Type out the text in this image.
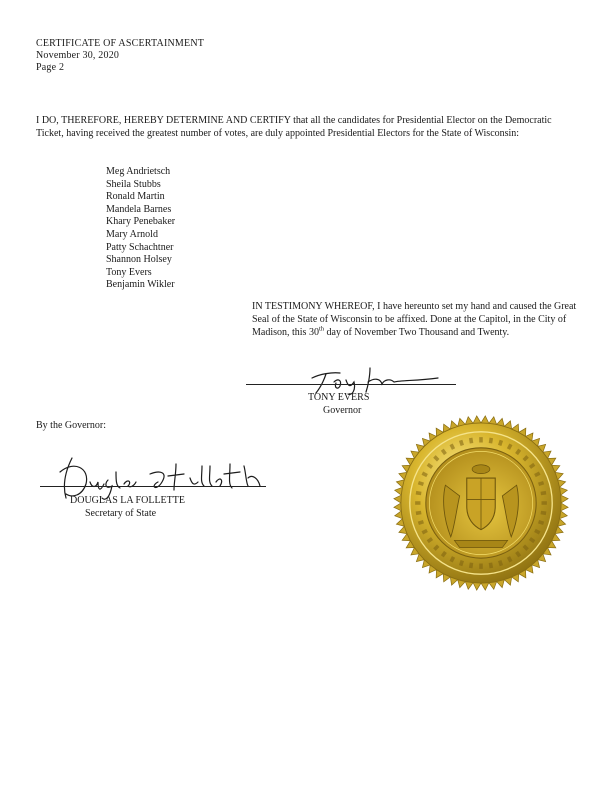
CERTIFICATE OF ASCERTAINMENT
November 30, 2020
Page 2
I DO, THEREFORE, HEREBY DETERMINE AND CERTIFY that all the candidates for Presidential Elector on the Democratic Ticket, having received the greatest number of votes, are duly appointed Presidential Electors for the State of Wisconsin:
Meg Andrietsch
Sheila Stubbs
Ronald Martin
Mandela Barnes
Khary Penebaker
Mary Arnold
Patty Schachtner
Shannon Holsey
Tony Evers
Benjamin Wikler
IN TESTIMONY WHEREOF, I have hereunto set my hand and caused the Great Seal of the State of Wisconsin to be affixed. Done at the Capitol, in the City of Madison, this 30th day of November Two Thousand and Twenty.
TONY EVERS
Governor
By the Governor:
DOUGLAS LA FOLLETTE
Secretary of State
